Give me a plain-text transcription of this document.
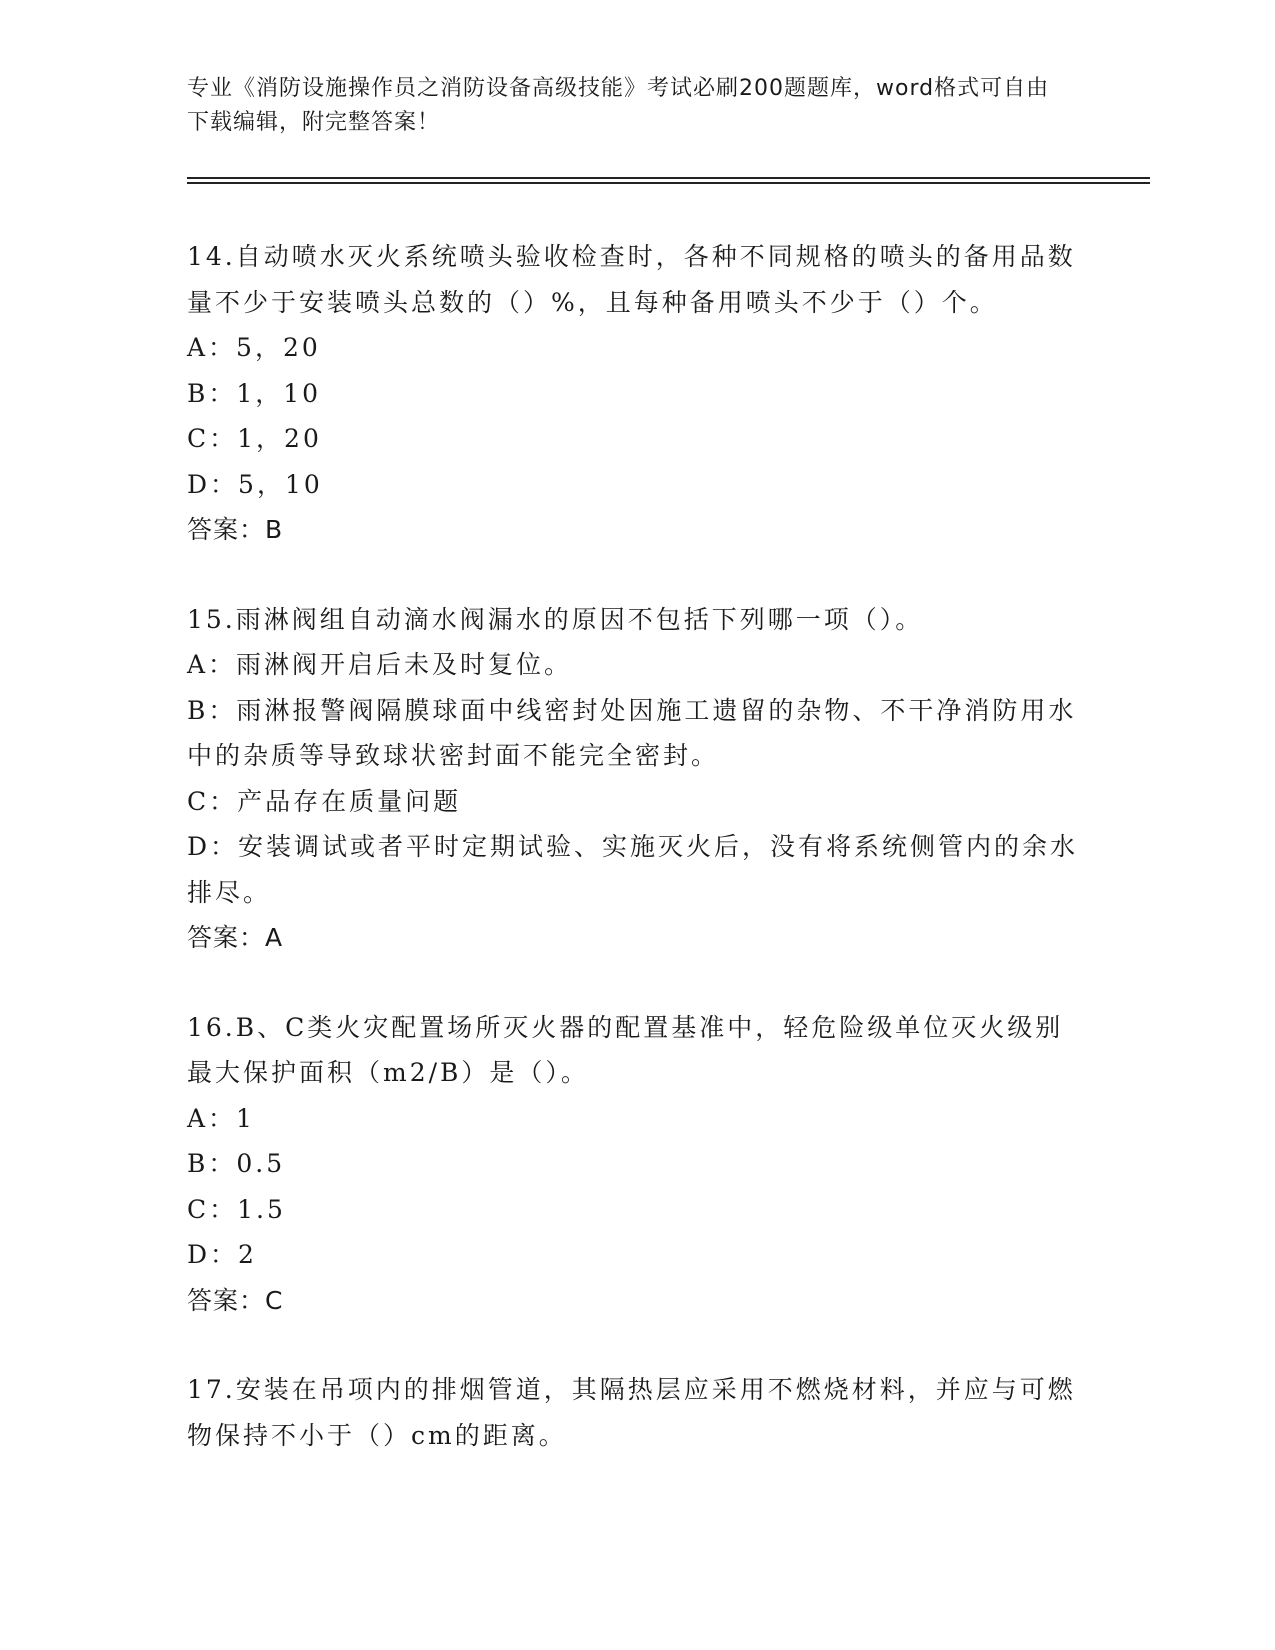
专业《消防设施操作员之消防设备高级技能》考试必刷200题题库，word格式可自由下载编辑，附完整答案！

14.自动喷水灭火系统喷头验收检查时，各种不同规格的喷头的备用品数量不少于安装喷头总数的（）%，且每种备用喷头不少于（）个。

A：5，20

B：1，10

C：1，20

D：5，10

答案：B

15.雨淋阀组自动滴水阀漏水的原因不包括下列哪一项（）。

A：雨淋阀开启后未及时复位。

B：雨淋报警阀隔膜球面中线密封处因施工遗留的杂物、不干净消防用水中的杂质等导致球状密封面不能完全密封。

C：产品存在质量问题

D：安装调试或者平时定期试验、实施灭火后，没有将系统侧管内的余水排尽。

答案：A

16.B、C类火灾配置场所灭火器的配置基准中，轻危险级单位灭火级别最大保护面积（m2/B）是（）。

A：1

B：0.5

C：1.5

D：2

答案：C

17.安装在吊项内的排烟管道，其隔热层应采用不燃烧材料，并应与可燃物保持不小于（）cm的距离。
